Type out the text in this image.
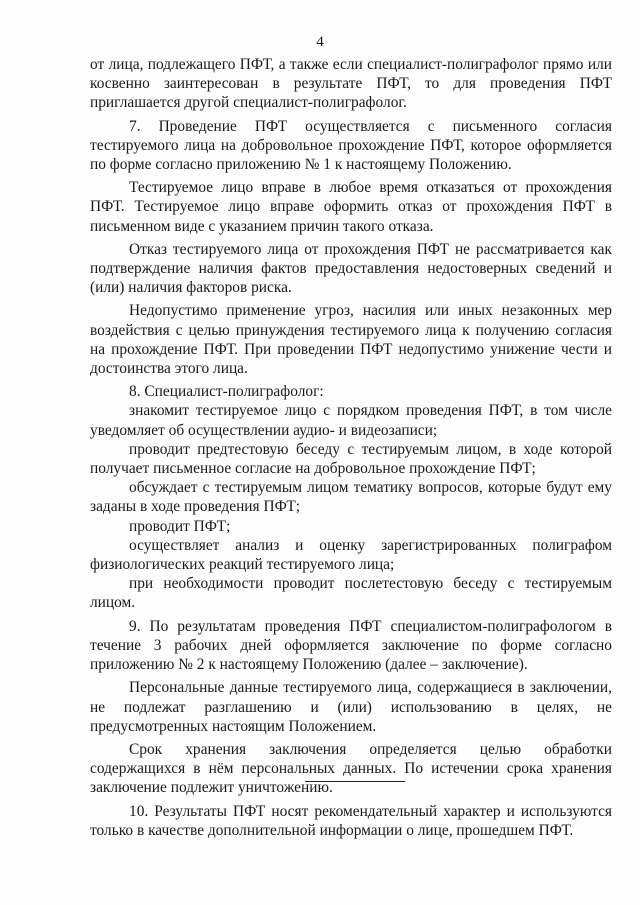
4

от лица, подлежащего ПФТ, а также если специалист-полиграфолог прямо или косвенно заинтересован в результате ПФТ, то для проведения ПФТ приглашается другой специалист-полиграфолог.

7. Проведение ПФТ осуществляется с письменного согласия тестируемого лица на добровольное прохождение ПФТ, которое оформляется по форме согласно приложению № 1 к настоящему Положению.

Тестируемое лицо вправе в любое время отказаться от прохождения ПФТ. Тестируемое лицо вправе оформить отказ от прохождения ПФТ в письменном виде с указанием причин такого отказа.

Отказ тестируемого лица от прохождения ПФТ не рассматривается как подтверждение наличия фактов предоставления недостоверных сведений и (или) наличия факторов риска.

Недопустимо применение угроз, насилия или иных незаконных мер воздействия с целью принуждения тестируемого лица к получению согласия на прохождение ПФТ. При проведении ПФТ недопустимо унижение чести и достоинства этого лица.

8. Специалист-полиграфолог:

знакомит тестируемое лицо с порядком проведения ПФТ, в том числе уведомляет об осуществлении аудио- и видеозаписи;

проводит предтестовую беседу с тестируемым лицом, в ходе которой получает письменное согласие на добровольное прохождение ПФТ;

обсуждает с тестируемым лицом тематику вопросов, которые будут ему заданы в ходе проведения ПФТ;

проводит ПФТ;

осуществляет анализ и оценку зарегистрированных полиграфом физиологических реакций тестируемого лица;

при необходимости проводит послетестовую беседу с тестируемым лицом.

9. По результатам проведения ПФТ специалистом-полиграфологом в течение 3 рабочих дней оформляется заключение по форме согласно приложению № 2 к настоящему Положению (далее – заключение).

Персональные данные тестируемого лица, содержащиеся в заключении, не подлежат разглашению и (или) использованию в целях, не предусмотренных настоящим Положением.

Срок хранения заключения определяется целью обработки содержащихся в нём персональных данных. По истечении срока хранения заключение подлежит уничтожению.

10. Результаты ПФТ носят рекомендательный характер и используются только в качестве дополнительной информации о лице, прошедшем ПФТ.
